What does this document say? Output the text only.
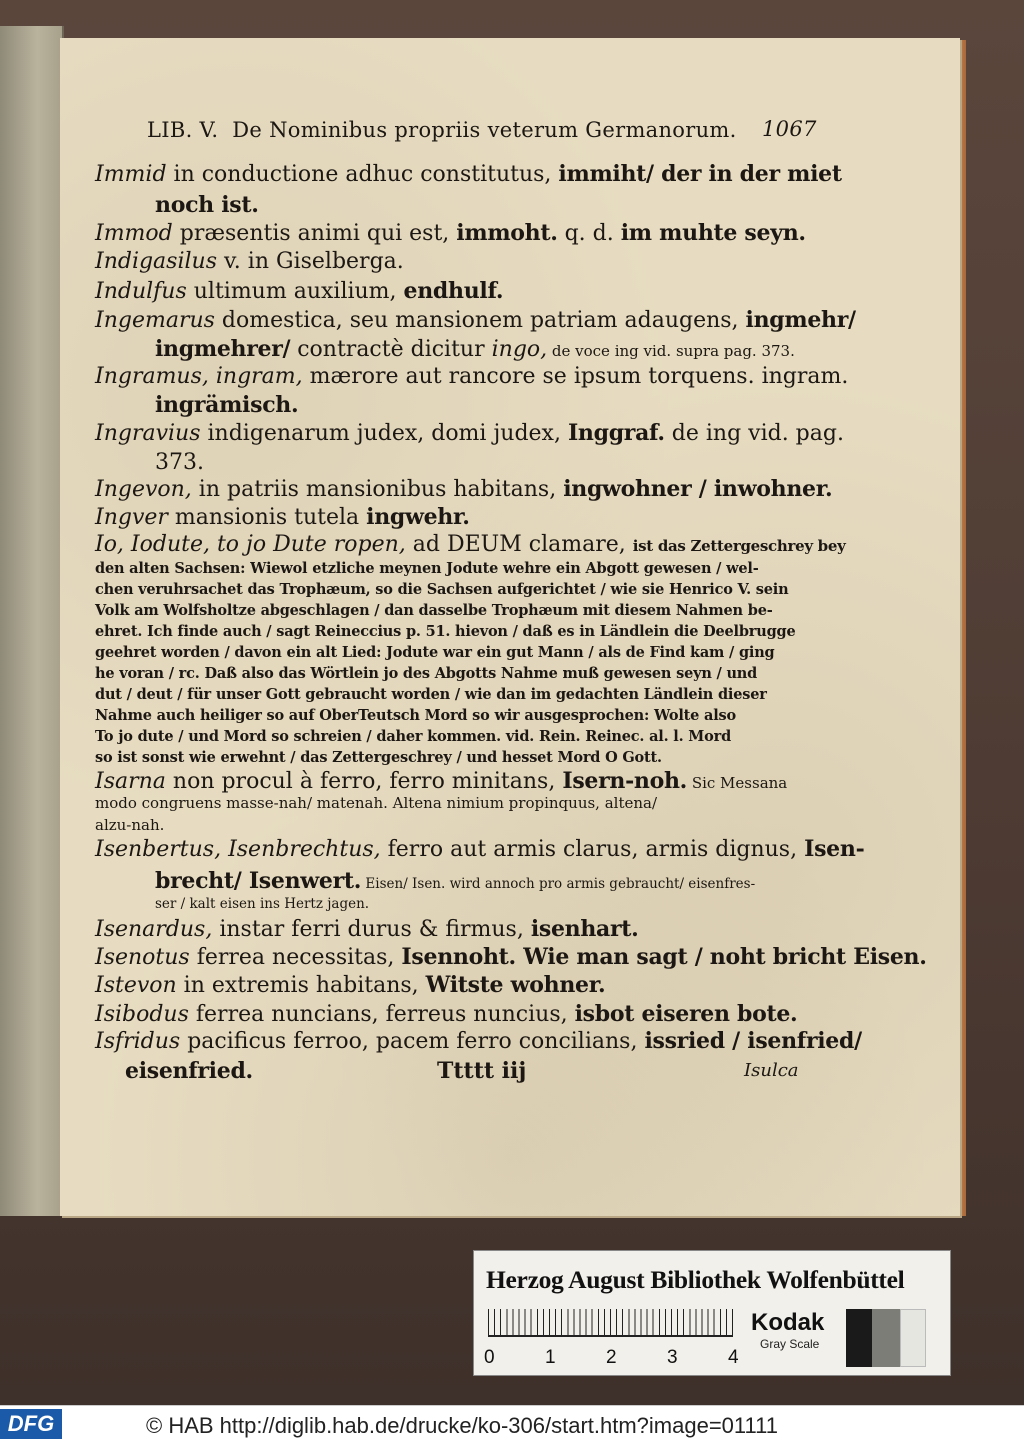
LIB. V. De Nominibus propriis veterum Germanorum. 1067
Immid in conductione adhuc constitutus, immiht/ der in der miet
noch ist.
Immod præsentis animi qui est, immoht. q. d. im muhte seyn.
Indigasilus v. in Giselberga.
Indulfus ultimum auxilium, endhulf.
Ingemarus domestica, seu mansionem patriam adaugens, ingmehr/
ingmehrer/ contractè dicitur ingo, de voce ing vid. supra pag. 373.
Ingramus, ingram, mærore aut rancore se ipsum torquens. ingram.
ingrämisch.
Ingravius indigenarum judex, domi judex, Inggraf. de ing vid. pag.
373.
Ingevon, in patriis mansionibus habitans, ingwohner / inwohner.
Ingver mansionis tutela ingwehr.
Io, Iodute, to jo Dute ropen, ad DEUM clamare, ist das Zettergeschrey bey
den alten Sachsen: Wiewol etzliche meynen Jodute wehre ein Abgott gewesen / wel-
chen veruhrsachet das Trophæum, so die Sachsen aufgerichtet / wie sie Henrico V. sein
Volk am Wolfsholtze abgeschlagen / dan dasselbe Trophæum mit diesem Nahmen be-
ehret. Ich finde auch / sagt Reineccius p. 51. hievon / daß es in Ländlein die Deelbrugge
geehret worden / davon ein alt Lied: Jodute war ein gut Mann / als de Find kam / ging
he voran / rc. Daß also das Wörtlein jo des Abgotts Nahme muß gewesen seyn / und
dut / deut / für unser Gott gebraucht worden / wie dan im gedachten Ländlein dieser
Nahme auch heiliger so auf OberTeutsch Mord so wir ausgesprochen: Wolte also
To jo dute / und Mord so schreien / daher kommen. vid. Rein. Reinec. al. l. Mord
so ist sonst wie erwehnt / das Zettergeschrey / und hesset Mord O Gott.
Isarna non procul à ferro, ferro minitans, Isern-noh. Sic Messana
modo congruens masse-nah/ matenah. Altena nimium propinquus, altena/
alzu-nah.
Isenbertus, Isenbrechtus, ferro aut armis clarus, armis dignus, Isen-
brecht/ Isenwert. Eisen/ Isen. wird annoch pro armis gebraucht/ eisenfres-
ser / kalt eisen ins Hertz jagen.
Isenardus, instar ferri durus & firmus, isenhart.
Isenotus ferrea necessitas, Isennoht. Wie man sagt / noht bricht Eisen.
Istevon in extremis habitans, Witste wohner.
Isibodus ferrea nuncians, ferreus nuncius, isbot eiseren bote.
Isfridus pacificus ferroo, pacem ferro concilians, issried / isenfried/
eisenfried.	Ttttt iij	Isulca
Herzog August Bibliothek Wolfenbüttel
0	1	2	3	4
Kodak
Gray Scale
DFG	© HAB http://diglib.hab.de/drucke/ko-306/start.htm?image=01111
